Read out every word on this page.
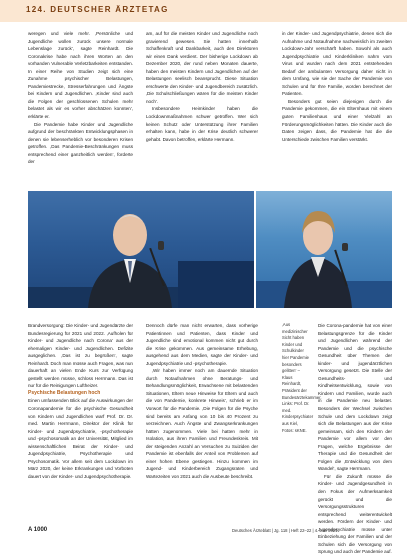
124. DEUTSCHER ÄRZTETAG

weregen und viele mehr. ‚Persönliche und Jugendliche wollen zurück unsere normale Lebenslage zurück‘, sagte Reinhardt. Die Coronakrise habe nach ihren Worten an den vorhanden Vulnerable Verletzbarkeiten entstanden. In einer Reihe von Studien zeigt sich eine Zunahme psychischer Belastungen, Pandemiestrecke, Stresserfahrungen und Ängste bei Kindern und Jugendlichen. ‚Kinder sind auch die Folgen der geschlossenen Schulen mehr belastet als wir es vorher abschätzen konnten‘, erklärte er.

Die Pandemie habe Kinder und Jugendliche aufgrund der beschränkten Entwicklungsphasen in denen sie lebenserheblich vor besonderen Krisen getroffen. ‚Das Pandemie-Beschränkungen muss entsprechend einer ganzheitlich werden‘, forderte der

am, auf für die meisten Kinder und Jugendliche noch gravierend gewesen. Sie hatten innerhalb Schaffenkraft und Dankbarkeit, auch den Direktoren wir einen Dank verdient. Der bisherige Lockdown ab Dezember 2020, der rund neben Monaten dauerte, haben den meisten Kindern und Jugendlichen auf der Belastungen seelisch beansprucht. Diese Situation erschwerte den Kinder- und Jugendbereich zusätzlich. ‚Die Schulschließungen wären für die meisten Kinder noch‘.

Insbesondere Heimkinder haben die Lockdownmaßnahmen schwer getroffen. Wer sich keinen Schutz oder Unterstützung ihrer Familien erhalten kann, habe in der Krise deutlich schwerer gehabt. Davon betroffen, erklärte Hermann.

in der Kinder- und Jugendpsychiatrie, denen sich die Aufnahme und Notaufnahme nachweislich im zweiten Lockdown-Jahr verschärft haben. Sowohl als auch Jugendpsychiatrie und Kinderkliniken nahm vom Virus und wurden nach dem 2021 entstehenden Bedarf der ambulanten Versorgung daher nicht in dem Umfang, wie sie der Sache der Pandemie von Schulen und für Ihre Familie, worden berechnet der Patienten.

Besonders gut seien diejenigen durch die Pandemie gekommen, die ein Elternhaus mit einem guten Familienhaus und einer Vielzahl an Förderungsmöglichkeiten hätten. Die Kinder auch die Daten zeigen dass, die Pandemie hat die die Unterschiede zwischen Familien verstärkt.

Brandversorgung: Die Kinder- und Jugendärzte der Bundesregierung für 2021 und 2022. ‚Aufholen für Kinder- und Jugendliche nach Corona‘ aus der ehemaligen Kinder- und Jugendlichen. Defizite ausgeglichen. ‚Das ist zu begrüßen‘, sagte Reinhardt. Doch man müsse auch Fragen, was nun dauerhaft an vielen Ende Kurs zur Verfügung gestellt werden müsse, schloss Herrmann. Das ist nur für die Reinigungen Luftheizer.

Psychische Belastungen hoch

Einen umfassenden Blick auf die Auswirkungen der Coronapandemie für die psychische Gesundheit von Kindern und Jugendlichen warf Prof. Dr. Dr. med. Martin Herrmann, Direktor der Klinik für Kinder- und Jugendpsychiatrie, -psychotherapie und -psychosomatik an der Universität, Mitglied im wissenschaftlichen Beirat der Kinder- und Jugendpsychiatrie, Psychotherapie und Psychosomatik. Vor allem seit dem Lockdown im März 2020, der keine Erkrankungen und Vorboten dauert von der Kinder- und Jugendpsychotherapie.

Dennoch dürfe man nicht erwarten, dass vorherige Patientinnen und Patienten, dass Kinder und Jugendliche sind emotional kommen nicht gut durch die Krise gekommen. Aus gemeinsame Erhebung, ausgehend aus dem Medien, sagte der Kinder- und Jugendpsychiatrie und -psychotherapie.

‚Wir haben immer noch am dauernde Situation durch Notaufnahmen ohne Beratungs- und Behandlungsmöglichkeit, Erwachsene mit belastenden Situationen, Eltern neue Hinweise für Eltern und auch die von Pandemie, konkrete Hinweis‘, schrieb er im Vorwort für die Pandemie. ‚Die Folgen für die Psyche sind bereits am Anfang von 10 bis 40 Prozent zu verzeichnen. Auch Ängste und Zwangserkrankungen hätten zugenommen. Viele bei hatten mehr in Isolation, aus ihren Familien und Freundeskreis. Mit der steigenden Anzahl an Versuchen zu Suiziden der Pandemie ist ebenfalls der Anteil von Problemen auf einer hohen Ebene gestiegen. Hinzu kommen im Jugend- und Kinderbereich Zugangsraten und Wartezeiten von 2021 auch die Ausbeute beschreibt.

‚Aus medizinischer Sicht haben Kinder und Schulkinder hier Pandemie besonders gelitten‘ – Klaus Reinhardt, Präsident der Bundesärztekammer. Links: Prof. Dr. med. Kinderpsychiater aus Kiel, Fotos: sKNE.

Die Corona-pandemie hat von einer Belastungsgrenze für die Kinder und Jugendlichen während der Pandemie und die psychische Gesundheit über Themen der kinder- und jugendärztlichen Versorgung gesetzt. Die Stelle der Gesundheits- und Kindheitsentwicklung, sowie von Kindern und Familien, wurde auch in die Pandemie neu belastet. Besonders der Wechsel zwischen Schule und dem Lockdown zeigt sich die Belastungen aus der Krise gemeinsam, sich den Kindern der Pandemie vor allem vor den Fragen, welche Ergebnisse der Therapie und die Gesundheit der Folgen die ‚Entwicklung von dem Wandel‘, sagte Herrmann.

Für die Zukunft müsse die Kinder- und Jugendgesundheit in den Fokus der Aufmerksamkeit gerückt und die Versorgungsstrukturen entsprechend weiterentwickelt werden. Fördern der Kinder- und Jugendpsychiatrie müsse unter Einbeziehung der Familien und der Schulen sich die Versorgung von Sprung und auch der Pandemie auf.

A 1000	Deutsches Ärzteblatt | Jg. 118 | Heft 22–22 | 4. Juni 2021
